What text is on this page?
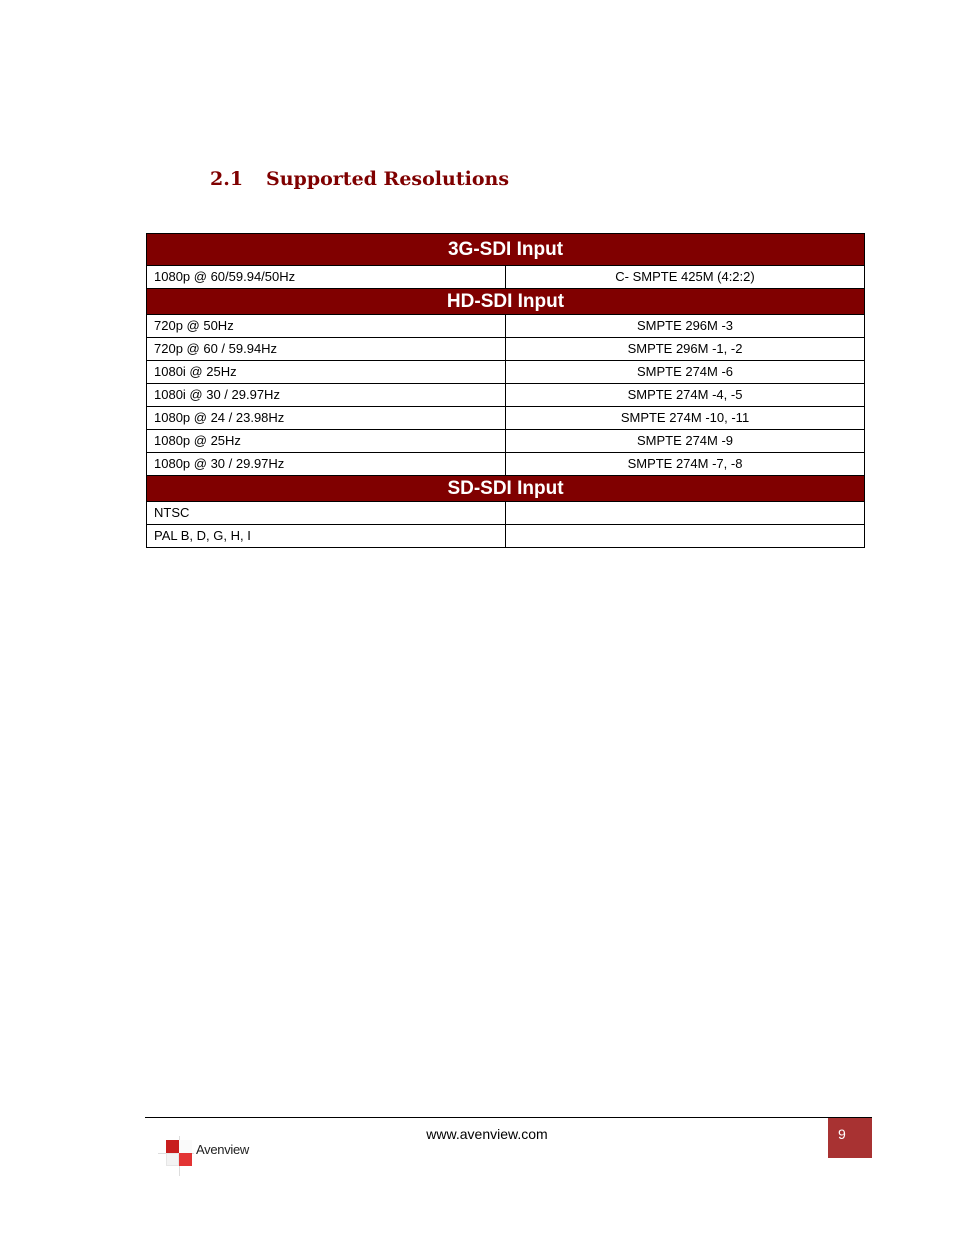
2.1	Supported Resolutions
3G-SDI Input	
1080p @ 60/59.94/50Hz	C- SMPTE 425M (4:2:2)
HD-SDI Input	
720p @ 50Hz	SMPTE 296M -3
720p @ 60 / 59.94Hz	SMPTE 296M -1, -2
1080i @ 25Hz	SMPTE 274M -6
1080i @ 30 / 29.97Hz	SMPTE 274M -4, -5
1080p @ 24 / 23.98Hz	SMPTE 274M -10, -11
1080p @ 25Hz	SMPTE 274M -9
1080p @ 30 / 29.97Hz	SMPTE 274M -7, -8
SD-SDI Input	
NTSC	
PAL B, D, G, H, I	
www.avenview.com	9
Avenview
